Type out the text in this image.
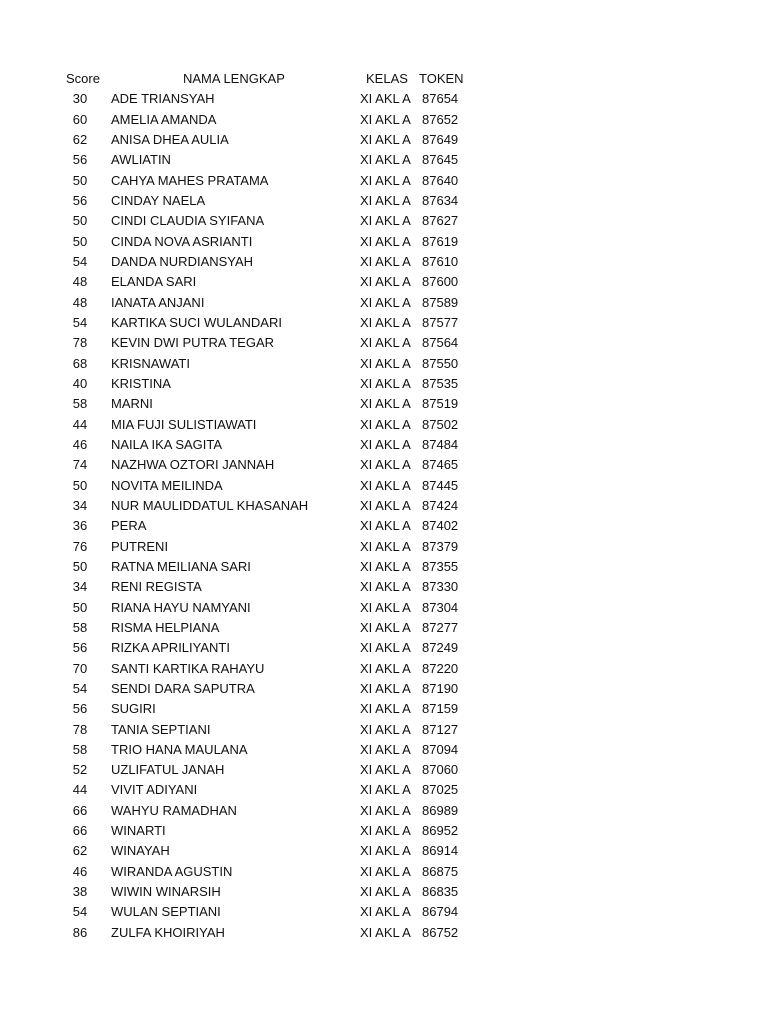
Score	NAMA LENGKAP	KELAS TOKEN
30	ADE TRIANSYAH	XI AKL A 87654
60	AMELIA AMANDA	XI AKL A 87652
62	ANISA DHEA AULIA	XI AKL A 87649
56	AWLIATIN	XI AKL A 87645
50	CAHYA MAHES PRATAMA	XI AKL A 87640
56	CINDAY NAELA	XI AKL A 87634
50	CINDI CLAUDIA SYIFANA	XI AKL A 87627
50	CINDA NOVA ASRIANTI	XI AKL A 87619
54	DANDA NURDIANSYAH	XI AKL A 87610
48	ELANDA SARI	XI AKL A 87600
48	IANATA ANJANI	XI AKL A 87589
54	KARTIKA SUCI WULANDARI	XI AKL A 87577
78	KEVIN DWI PUTRA TEGAR	XI AKL A 87564
68	KRISNAWATI	XI AKL A 87550
40	KRISTINA	XI AKL A 87535
58	MARNI	XI AKL A 87519
44	MIA FUJI SULISTIAWATI	XI AKL A 87502
46	NAILA IKA SAGITA	XI AKL A 87484
74	NAZHWA OZTORI JANNAH	XI AKL A 87465
50	NOVITA MEILINDA	XI AKL A 87445
34	NUR MAULIDDATUL KHASANAH	XI AKL A 87424
36	PERA	XI AKL A 87402
76	PUTRENI	XI AKL A 87379
50	RATNA MEILIANA SARI	XI AKL A 87355
34	RENI REGISTA	XI AKL A 87330
50	RIANA HAYU NAMYANI	XI AKL A 87304
58	RISMA HELPIANA	XI AKL A 87277
56	RIZKA APRILIYANTI	XI AKL A 87249
70	SANTI KARTIKA RAHAYU	XI AKL A 87220
54	SENDI DARA SAPUTRA	XI AKL A 87190
56	SUGIRI	XI AKL A 87159
78	TANIA SEPTIANI	XI AKL A 87127
58	TRIO HANA MAULANA	XI AKL A 87094
52	UZLIFATUL JANAH	XI AKL A 87060
44	VIVIT ADIYANI	XI AKL A 87025
66	WAHYU RAMADHAN	XI AKL A 86989
66	WINARTI	XI AKL A 86952
62	WINAYAH	XI AKL A 86914
46	WIRANDA AGUSTIN	XI AKL A 86875
38	WIWIN WINARSIH	XI AKL A 86835
54	WULAN SEPTIANI	XI AKL A 86794
86	ZULFA KHOIRIYAH	XI AKL A 86752
